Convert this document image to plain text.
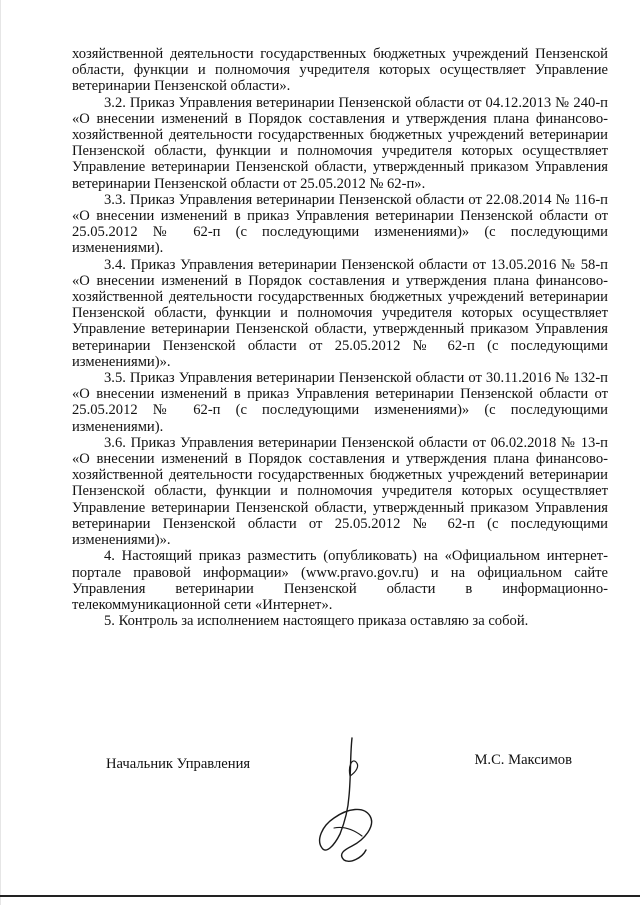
хозяйственной деятельности государственных бюджетных учреждений Пензенской области, функции и полномочия учредителя которых осуществляет Управление ветеринарии Пензенской области».

3.2. Приказ Управления ветеринарии Пензенской области от 04.12.2013 № 240-п «О внесении изменений в Порядок составления и утверждения плана финансово-хозяйственной деятельности государственных бюджетных учреждений ветеринарии Пензенской области, функции и полномочия учредителя которых осуществляет Управление ветеринарии Пензенской области, утвержденный приказом Управления ветеринарии Пензенской области от 25.05.2012 № 62-п».

3.3. Приказ Управления ветеринарии Пензенской области от 22.08.2014 № 116-п «О внесении изменений в приказ Управления ветеринарии Пензенской области от 25.05.2012 № 62-п (с последующими изменениями)» (с последующими изменениями).

3.4. Приказ Управления ветеринарии Пензенской области от 13.05.2016 № 58-п «О внесении изменений в Порядок составления и утверждения плана финансово-хозяйственной деятельности государственных бюджетных учреждений ветеринарии Пензенской области, функции и полномочия учредителя которых осуществляет Управление ветеринарии Пензенской области, утвержденный приказом Управления ветеринарии Пензенской области от 25.05.2012 № 62-п (с последующими изменениями)».

3.5. Приказ Управления ветеринарии Пензенской области от 30.11.2016 № 132-п «О внесении изменений в приказ Управления ветеринарии Пензенской области от 25.05.2012 № 62-п (с последующими изменениями)» (с последующими изменениями).

3.6. Приказ Управления ветеринарии Пензенской области от 06.02.2018 № 13-п «О внесении изменений в Порядок составления и утверждения плана финансово-хозяйственной деятельности государственных бюджетных учреждений ветеринарии Пензенской области, функции и полномочия учредителя которых осуществляет Управление ветеринарии Пензенской области, утвержденный приказом Управления ветеринарии Пензенской области от 25.05.2012 № 62-п (с последующими изменениями)».

4. Настоящий приказ разместить (опубликовать) на «Официальном интернет-портале правовой информации» (www.pravo.gov.ru) и на официальном сайте Управления ветеринарии Пензенской области в информационно-телекоммуникационной сети «Интернет».

5. Контроль за исполнением настоящего приказа оставляю за собой.

Начальник Управления	М.С. Максимов
